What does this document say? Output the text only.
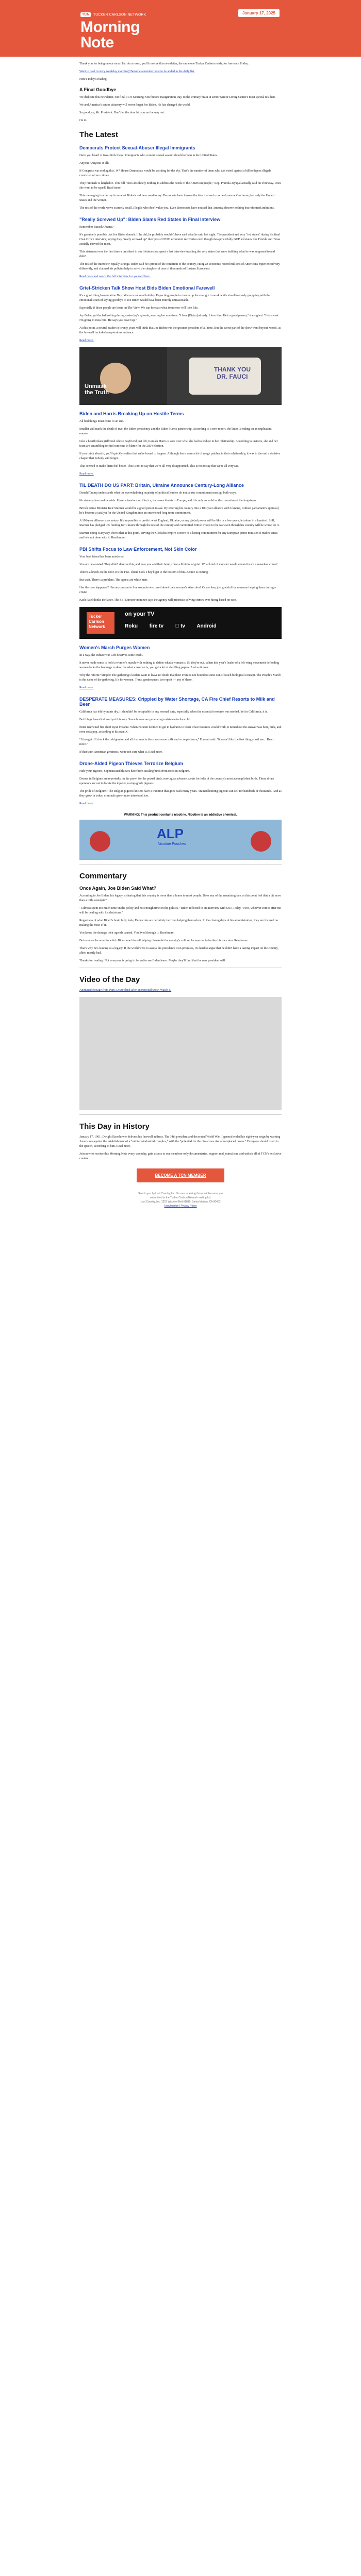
TCN TUCKER CARLSON NETWORK
Morning
Note
January 17, 2025

Thank you for being on our email list. As a result, you'll receive this newsletter, the same one Tucker Carlson reads, for free each Friday.

Want to read it every weekday morning? Become a member now to be added to the daily list.

Here's today's reading.

A Final Goodbye

We dedicate this newsletter, our final TCN Morning Note before Inauguration Day, to the Primary brain in senior Senior Living Center's most special resident.

We and America's senior citizenry will never forget Joe Biden. He has changed the world.

So goodbye, Mr. President. Don't let the door hit you on the way out.

On to:

The Latest
Democrats Protect Sexual-Abuser Illegal Immigrants

Have you heard of two-thirds illegal immigrants who commit sexual assault should remain in the United States.

Anyone? Anyone at all?

If Congress was ending this, 147 House Democrats would be working for the sky. That's the number of them who just voted against a bill to deport illegals convicted of sex crimes.

They rationale is laughable. This bill "does absolutely nothing to address the needs of the American people," Rep. Pramila Jayapal actually said on Thursday. Does she want to be raped? Read more.

This messaging is a far cry from what Biden's old hero used to say. Democrats have thrown the idea that we're not welcome at Our home, but only the United States and the women.

The rest of the world we've scarcely recall. Illegals who don't value you. Even Democrats have noticed that America deserve nothing but reformed ambitions.

"Really Screwed Up": Biden Slams Red States in Final Interview

Remember Barack Obama?

It's genuinely possible that Joe Biden doesn't. If he did, he probably wouldn't have said what he said last night. The president and very "red states" during his final Oval Office interview, saying they "really screwed up" their post-COVID economic recoveries even though data powerfully GOP led states like Florida and Texas actually thrived the most.

This statement was the first time a president in our lifetimes has spent a last interview trashing the very states that were building what he was supposed to and didn't.

The rest of the interview equally strange. Biden said he's proud of the condition of the country, citing an economic record millions of Americans experienced very differently, and claimed his policies help to solve the slaughter of tens of thousands of Eastern Europeans.

Read more and watch the full interview for yourself here.

Grief-Stricken Talk Show Host Bids Biden Emotional Farewell

It's a good thing Inauguration Day falls on a national holiday. Expecting people to muster up the strength to work while simultaneously grappling with the emotional strain of saying goodbye to Joe Biden would have been entirely unreasonable.

Especially if those people are hosts on The View. We can forecast what tomorrow will look like.

Joy Behar got the ball rolling during yesterday's episode, wearing her emotions. "I love [Biden] already. I love him. He's a good person," she sighed. "He's sweet. I'm going to miss him. He says you cover up."

At this point, a neutral reader in twenty years will think that Joe Biden was the greatest president of all time. But the worst part of the show went beyond words, as the farewell included a mysterious embrace.

Read more.

Unmask
the Truth
THANK YOU
DR. FAUCI
Biden and Harris Breaking Up on Hostile Terms

All bad things must come to an end.

Smaller will mark the death of two, the Biden presidency and the Biden-Harris partnership. According to a new report, the latter is ending on an unpleasant manner.

Like a heartbroken girlfriend whose boyfriend just left, Kamala Harris is sore over what she had to endure in her relationship. According to insiders, she and her team are scrambling to find someone to blame for the 2024 election.

If you think about it, you'll quickly realize that we're bound to happen. Although there were a lot of rough patches in their relationship, it was in the end a decisive chapter that nobody will forget.

That seemed to make them feel better. This is not to say that we're all very disappointed. This is not to say that we're all very sad.

Read more.

TIL DEATH DO US PART: Britain, Ukraine Announce Century-Long Alliance

Donald Trump understands what the overwhelming majority of political leaders do not: a true commitment must go both ways.

No strategy has no downside. It keeps tensions on thin ice, increases threats to Europe, and it is only as valid as the commitment the long-term.

British Prime Minister Keir Starmer would be a good person to ask. By entering his country into a 100-year alliance with Ukraine, without parliament's approval, he's become a catalyst for the United Kingdom into an entrenched long term commitment.

A 100-year alliance is a century. It's impossible to predict what England, Ukraine, or any global power will be like in a few years, let alone in a hundred. Still, Starmer has pledged UK funding for Ukraine through the rest of the century and committed British troops to the war even though his country will be worse for it.

Starmer doing it anyway shows that at this point, serving the Globalist empire is more of a lasting commitment for any European prime minister. It makes sense, and he's not done with it. Read more.

PBI Shifts Focus to Law Enforcement, Not Skin Color

Your best friend has been murdered.

You are devastated. They didn't deserve this, and now you and their family face a lifetime of grief. What kind of monster would commit such a senseless crime?

There's a knock on the door. It's the FBI. Thank God. They'll get to the bottom of this. Justice is coming.

But wait. There's a problem. The agents are white men.

Has the case happened? Has any person in live wounds ever cared about their rescuer's skin color? Or are they just grateful for someone helping them during a crisis?

Kash Patel thinks the latter. The FBI Director nominee says the agency will prioritize solving crimes over hiring based on race.

Tucker
Carlson
Network
on your TV
Roku fire tv tv Android
Women's March Purges Women

In a way, the culture war Left deserves some credit.

It never made sense to hold a women's march with nothing to define what a woman is. So they're out. When this year's leader of a left-wing movement defending women lacks the language to describe what a woman is, you get a lot of shuffling papers. And so it goes.

Why the reform? Simple: The gathering's leaders want to leave no doubt that their event is not bound to some out-of-touch biological concept. The People's March is the name of the gathering. It's for women. Trans, genderqueer, two-spirit — any of these.

Read more.

DESPERATE MEASURES: Crippled by Water Shortage, CA Fire Chief Resorts to Milk and Beer

California has left hydrants dry. It shouldn't be acceptable in any normal state, especially when the essential resource was needed. Yet in California, it is.

But things haven't slowed yet this way. Some homes are generating resistance to the cold.

Enter renowned fire chief Ryan Foranni. When Foranni decided to get to hydrants to learn what resources would work, it turned out the answer was beer, milk, and even soda pop, according to his own X.

"I thought if I check the refrigerator and all that was in there was some milk and a couple beers," Foranni said. "It wasn't like the first thing you'd use... Read more."

If that's not American greatness, we're not sure what is. Read more.

Drone-Aided Pigeon Thieves Terrorize Belgium

Hide your pigeons. Sophisticated thieves have been stealing birds from roofs in Belgium.

Drones in Belgium are reportedly on the prowl for the prized birds, serving as advance scouts for lofts of the country's most accomplished birds. These drone operators are out to locate the top-tier, racing-grade pigeons.

The pride of Belgium? The Belgian pigeon fanciers have a tradition that goes back many years. Trained homing pigeons can sell for hundreds of thousands. And as they grow in value, criminals grow more interested, too.

Read more.

WARNING: This product contains nicotine. Nicotine is an addictive chemical.
ALP
Nicotine Pouches
Commentary
Once Again, Joe Biden Said What?

According to Joe Biden, his legacy is sharing that this country is more than a home to most people. Does any of the remaining fans at this point feel that a bit more than a little nostalgic?

"I almost spent too much time on the policy and not enough time on the politics," Biden reflected in an interview with USA Today. "Now, whoever comes after me will be dealing with his decisions."

Regardless of what Biden's brain fully feels, Democrats are definitely far from helping themselves. In the closing days of his administration, they are focused on making the most of it.

You know the damage their agenda caused. You lived through it. Read more.

But even as the areas in which Biden saw himself helping dismantle the country's culture, he was out to further his own aim. Read more.

That's why he's leaving as a legacy. If the world were to assess the president's own promises, it's hard to argue that he didn't have a lasting impact on the country, albeit mostly bad.

Thanks for reading. Not everyone is going to be sad to see Biden leave. Maybe they'll find that the new president will.

Video of the Day

Animated footage from Paris Disneyland after unexpected snow. Watch it.

This Day in History

January 17, 1961: Dwight Eisenhower delivers his farewell address. The 34th president and decorated World War II general ended his eight-year reign by warning Americans against the establishment of a "military-industrial complex," with the "potential for the disastrous rise of misplaced power." Everyone should listen to the speech, according to him. Read more.

Join now to receive this Morning Note every weekday, gain access to our members-only documentaries, support real journalism, and unlock all of TCN's exclusive content.

BECOME A TCN MEMBER
Sent to you by Last Country, Inc. You are receiving this email because you
subscribed to the Tucker Carlson Network mailing list.
Last Country, Inc. 1223 Wilshire Blvd #1019, Santa Monica, CA 90403
Unsubscribe | Privacy Policy
